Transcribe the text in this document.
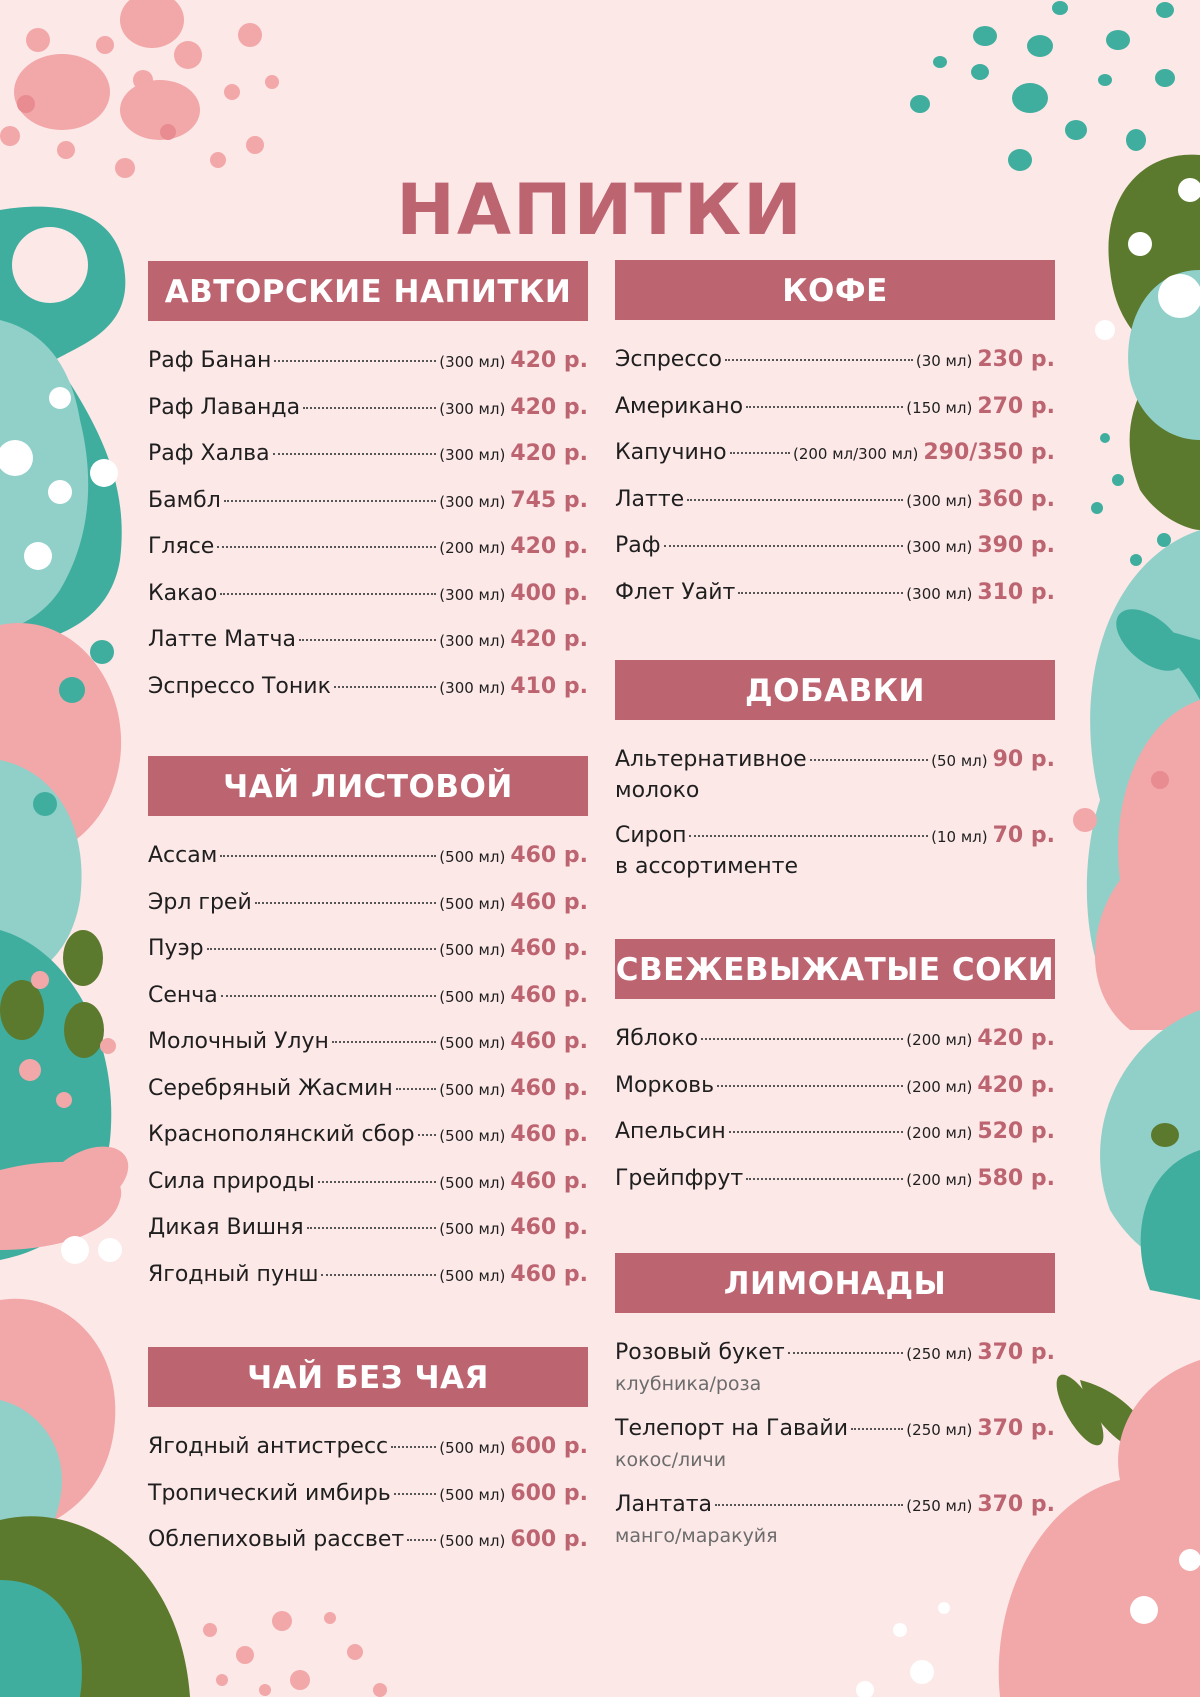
НАПИТКИ
АВТОРСКИЕ НАПИТКИ
Раф Банан	(300 мл) 420 р.
Раф Лаванда	(300 мл) 420 р.
Раф Халва	(300 мл) 420 р.
Бамбл	(300 мл) 745 р.
Глясе	(200 мл) 420 р.
Какао	(300 мл) 400 р.
Латте Матча	(300 мл) 420 р.
Эспрессо Тоник	(300 мл) 410 р.
ЧАЙ ЛИСТОВОЙ
Ассам	(500 мл) 460 р.
Эрл грей	(500 мл) 460 р.
Пуэр	(500 мл) 460 р.
Сенча	(500 мл) 460 р.
Молочный Улун	(500 мл) 460 р.
Серебряный Жасмин	(500 мл) 460 р.
Краснополянский сбор (500 мл) 460 р.
Сила природы	(500 мл) 460 р.
Дикая Вишня	(500 мл) 460 р.
Ягодный пунш	(500 мл) 460 р.
ЧАЙ БЕЗ ЧАЯ
Ягодный антистресс	(500 мл) 600 р.
Тропический имбирь	(500 мл) 600 р.
Облепиховый рассвет (500 мл) 600 р.
КОФЕ
Эспрессо	(30 мл) 230 р.
Американо	(150 мл) 270 р.
Капучино	(200 мл/300 мл) 290/350 р.
Латте	(300 мл) 360 р.
Раф	(300 мл) 390 р.
Флет Уайт	(300 мл) 310 р.
ДОБАВКИ
Альтернативное	(50 мл) 90 р.
молоко
Сироп	(10 мл) 70 р.
в ассортименте
СВЕЖЕВЫЖАТЫЕ СОКИ
Яблоко	(200 мл) 420 р.
Морковь	(200 мл) 420 р.
Апельсин	(200 мл) 520 р.
Грейпфрут	(200 мл) 580 р.
ЛИМОНАДЫ
Розовый букет	(250 мл) 370 р.
клубника/роза
Телепорт на Гавайи	(250 мл) 370 р.
кокос/личи
Лантата	(250 мл) 370 р.
манго/маракуйя
